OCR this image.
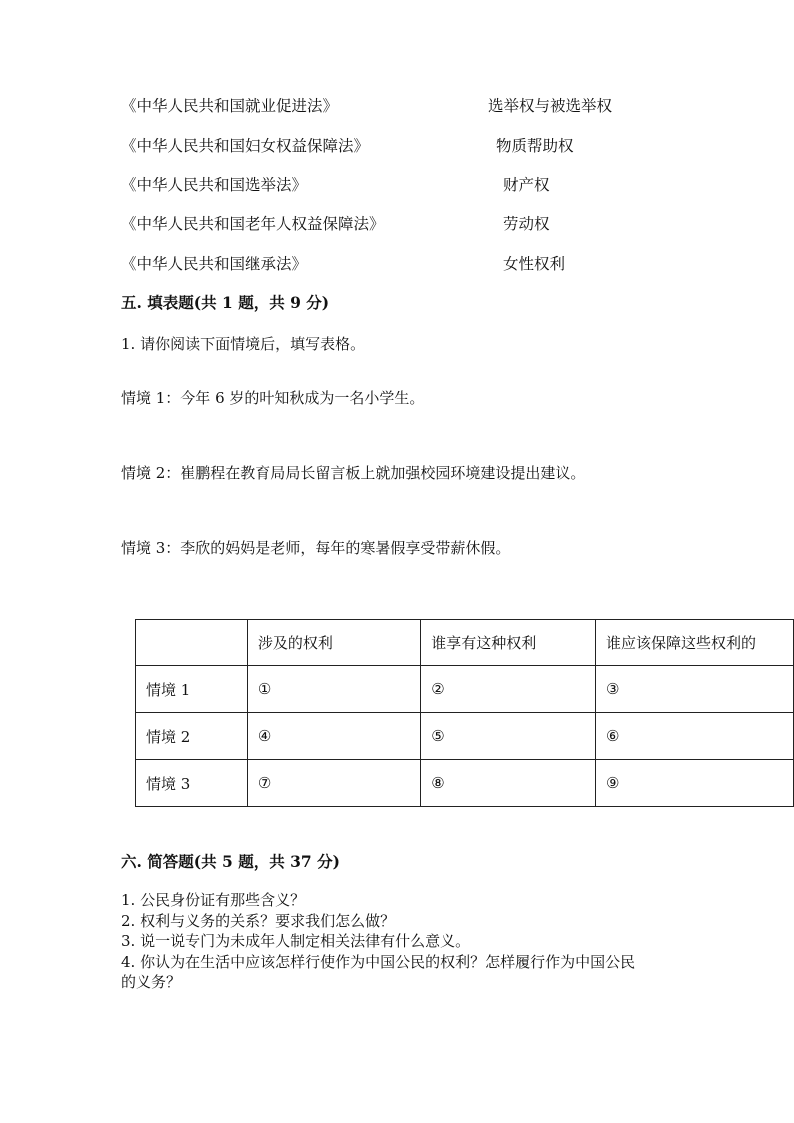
《中华人民共和国就业促进法》	选举权与被选举权
《中华人民共和国妇女权益保障法》	物质帮助权
《中华人民共和国选举法》	财产权
《中华人民共和国老年人权益保障法》	劳动权
《中华人民共和国继承法》	女性权利
五. 填表题(共 1 题，共 9 分)
1. 请你阅读下面情境后，填写表格。
情境 1：今年 6 岁的叶知秋成为一名小学生。
情境 2：崔鹏程在教育局局长留言板上就加强校园环境建设提出建议。
情境 3：李欣的妈妈是老师，每年的寒暑假享受带薪休假。
	涉及的权利	谁享有这种权利	谁应该保障这些权利的
情境 1	①	②	③
情境 2	④	⑤	⑥
情境 3	⑦	⑧	⑨
六. 简答题(共 5 题，共 37 分)
1. 公民身份证有那些含义？
2. 权利与义务的关系？要求我们怎么做？
3. 说一说专门为未成年人制定相关法律有什么意义。
4. 你认为在生活中应该怎样行使作为中国公民的权利？怎样履行作为中国公民
的义务？
